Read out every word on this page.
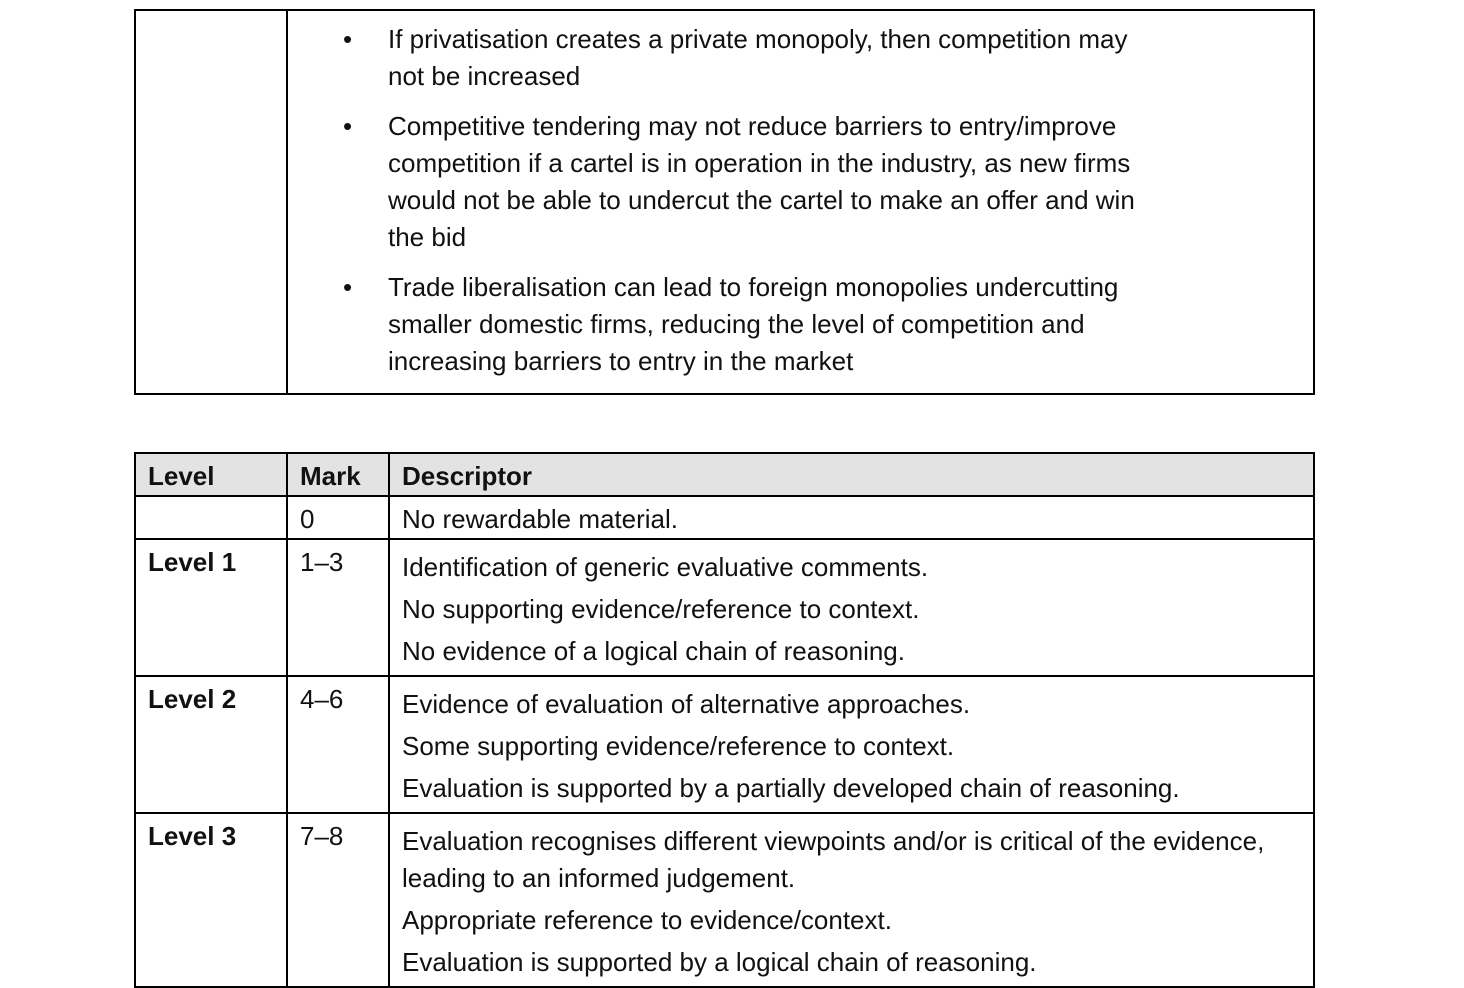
• If privatisation creates a private monopoly, then competition may not be increased
• Competitive tendering may not reduce barriers to entry/improve competition if a cartel is in operation in the industry, as new firms would not be able to undercut the cartel to make an offer and win the bid
• Trade liberalisation can lead to foreign monopolies undercutting smaller domestic firms, reducing the level of competition and increasing barriers to entry in the market
Level	Mark	Descriptor
	0	No rewardable material.
Level 1	1–3	Identification of generic evaluative comments.
No supporting evidence/reference to context.
No evidence of a logical chain of reasoning.

Level 2	4–6	Evidence of evaluation of alternative approaches.
Some supporting evidence/reference to context.
Evaluation is supported by a partially developed chain of reasoning.

Level 3	7–8	Evaluation recognises different viewpoints and/or is critical of the evidence, leading to an informed judgement.
Appropriate reference to evidence/context.
Evaluation is supported by a logical chain of reasoning.
